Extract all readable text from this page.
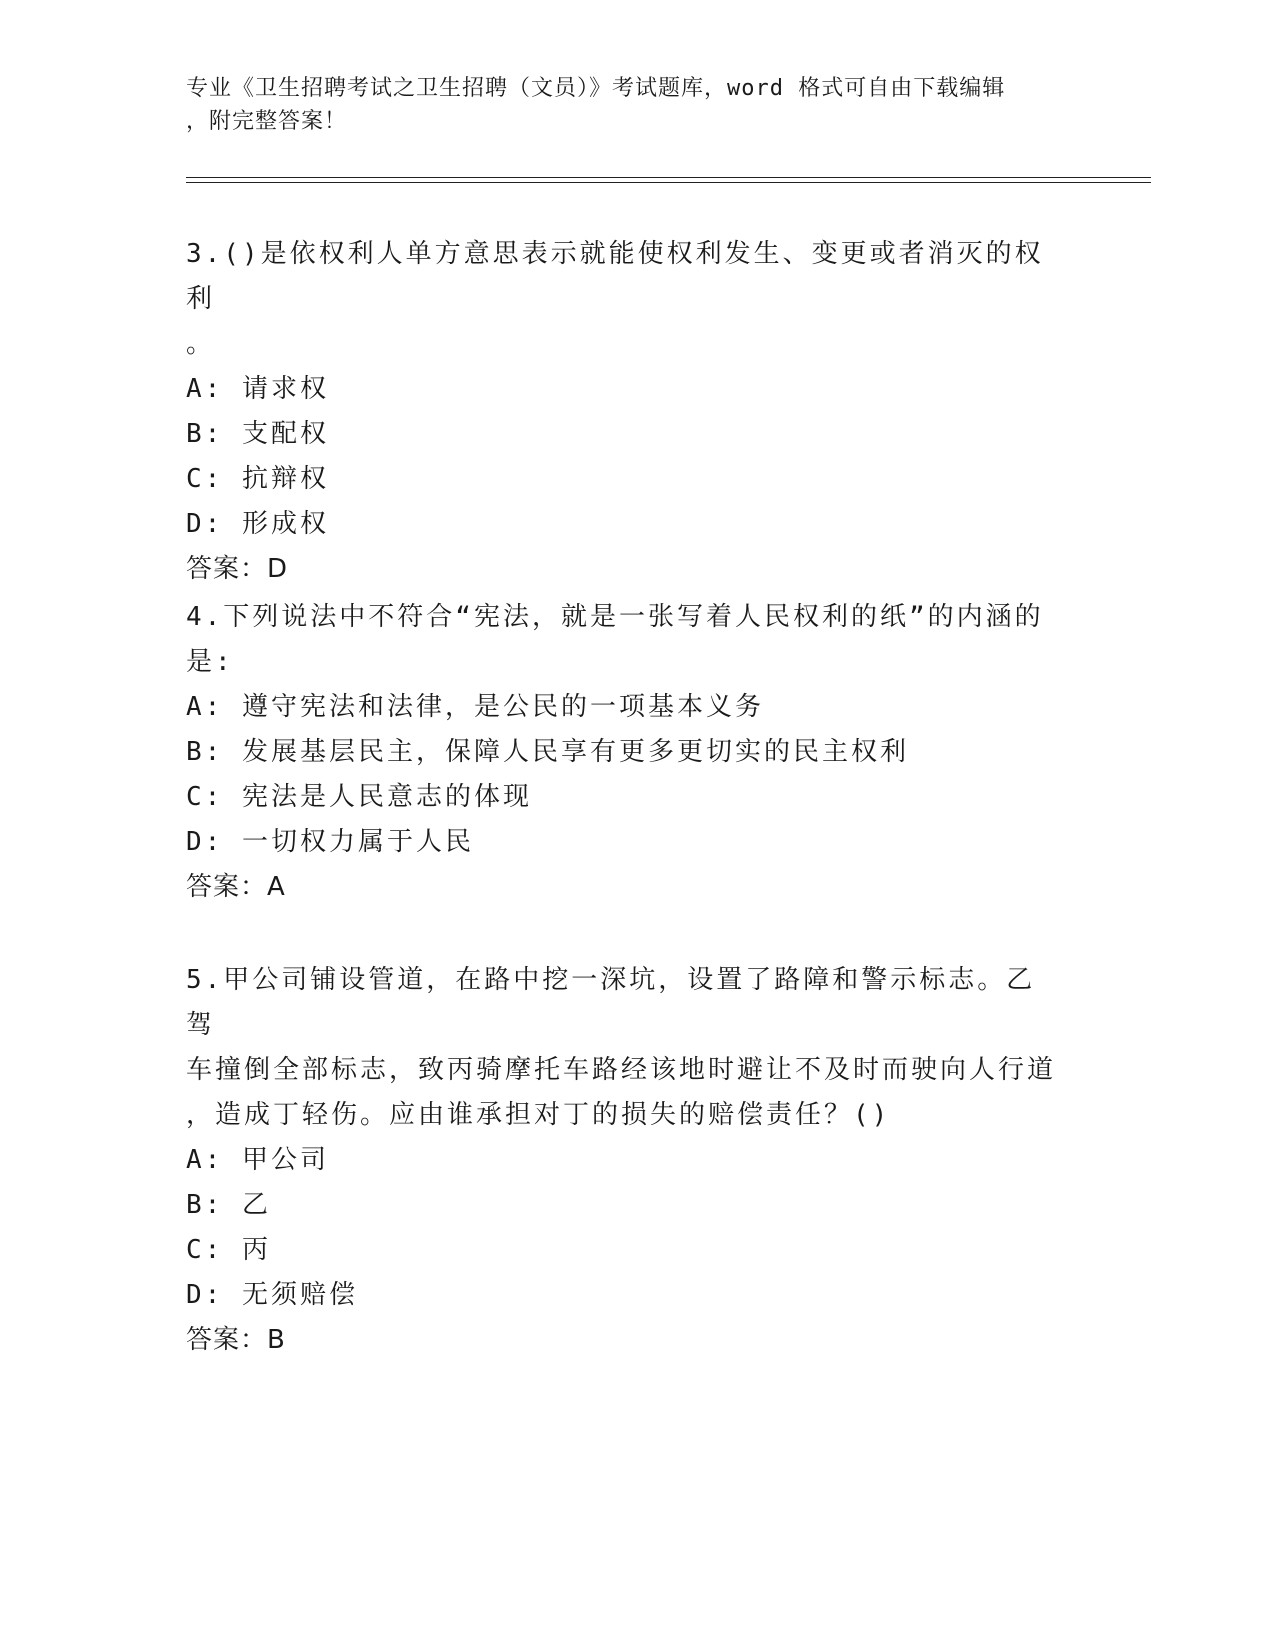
专业《卫生招聘考试之卫生招聘（文员）》考试题库，word 格式可自由下载编辑
，附完整答案！

3.()是依权利人单方意思表示就能使权利发生、变更或者消灭的权利
。

A: 请求权

B: 支配权

C: 抗辩权

D: 形成权

答案：D

4.下列说法中不符合“宪法，就是一张写着人民权利的纸”的内涵的
是:

A: 遵守宪法和法律，是公民的一项基本义务

B: 发展基层民主，保障人民享有更多更切实的民主权利

C: 宪法是人民意志的体现

D: 一切权力属于人民

答案：A

5.甲公司铺设管道，在路中挖一深坑，设置了路障和警示标志。乙驾
车撞倒全部标志，致丙骑摩托车路经该地时避让不及时而驶向人行道
，造成丁轻伤。应由谁承担对丁的损失的赔偿责任？()

A: 甲公司

B: 乙

C: 丙

D: 无须赔偿

答案：B
